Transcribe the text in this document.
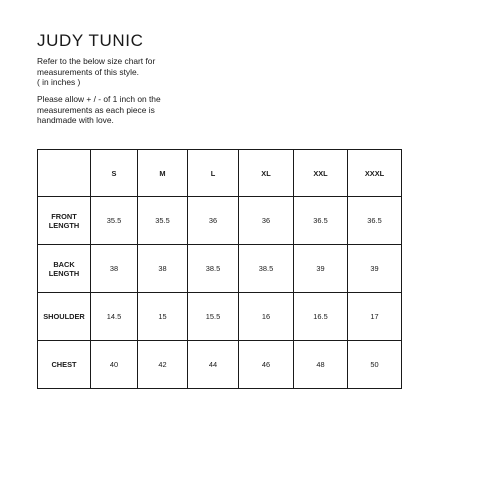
JUDY TUNIC

Refer to the below size chart for
measurements of this style.
( in inches )

Please allow + / - of 1 inch on the
measurements as each piece is
handmade with love.

	S	M	L	XL	XXL	XXXL
FRONT
LENGTH	35.5	35.5	36	36	36.5	36.5
BACK
LENGTH	38	38	38.5	38.5	39	39
SHOULDER	14.5	15	15.5	16	16.5	17
CHEST	40	42	44	46	48	50
